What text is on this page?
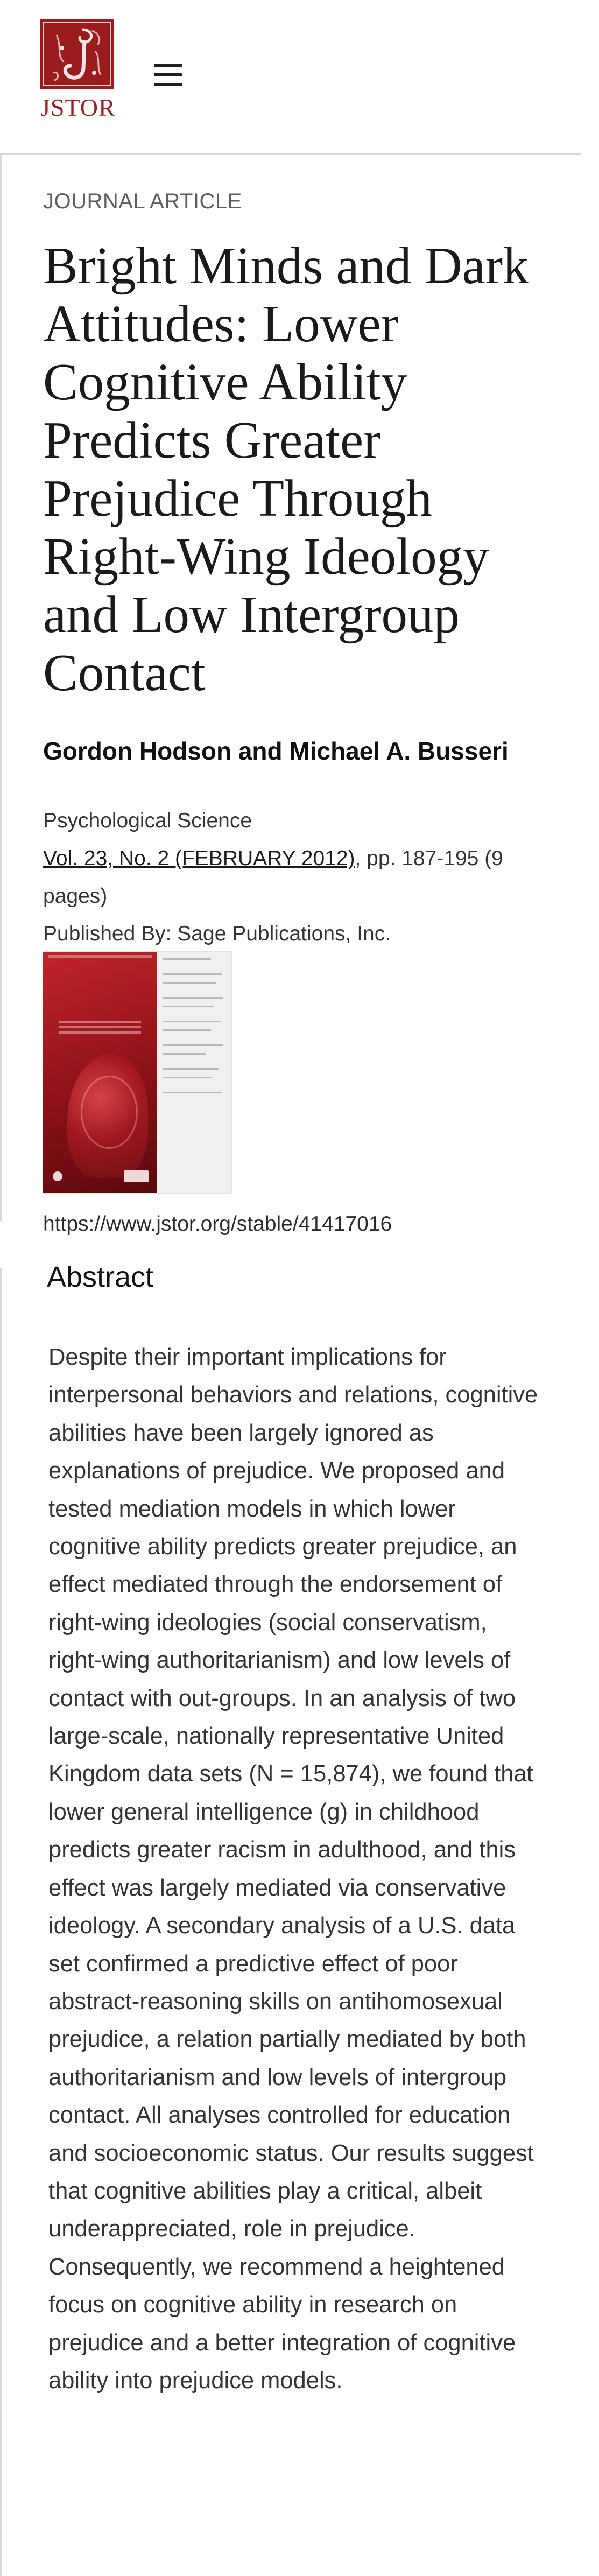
JSTOR
JOURNAL ARTICLE
Bright Minds and Dark Attitudes: Lower Cognitive Ability Predicts Greater Prejudice Through Right-Wing Ideology and Low Intergroup Contact
Gordon Hodson and Michael A. Busseri
Psychological Science
Vol. 23, No. 2 (FEBRUARY 2012), pp. 187-195 (9 pages)
Published By: Sage Publications, Inc.
https://www.jstor.org/stable/41417016
Abstract

Despite their important implications for interpersonal behaviors and relations, cognitive abilities have been largely ignored as explanations of prejudice. We proposed and tested mediation models in which lower cognitive ability predicts greater prejudice, an effect mediated through the endorsement of right-wing ideologies (social conservatism, right-wing authoritarianism) and low levels of contact with out-groups. In an analysis of two large-scale, nationally representative United Kingdom data sets (N = 15,874), we found that lower general intelligence (g) in childhood predicts greater racism in adulthood, and this effect was largely mediated via conservative ideology. A secondary analysis of a U.S. data set confirmed a predictive effect of poor abstract-reasoning skills on antihomosexual prejudice, a relation partially mediated by both authoritarianism and low levels of intergroup contact. All analyses controlled for education and socioeconomic status. Our results suggest that cognitive abilities play a critical, albeit underappreciated, role in prejudice. Consequently, we recommend a heightened focus on cognitive ability in research on prejudice and a better integration of cognitive ability into prejudice models.
